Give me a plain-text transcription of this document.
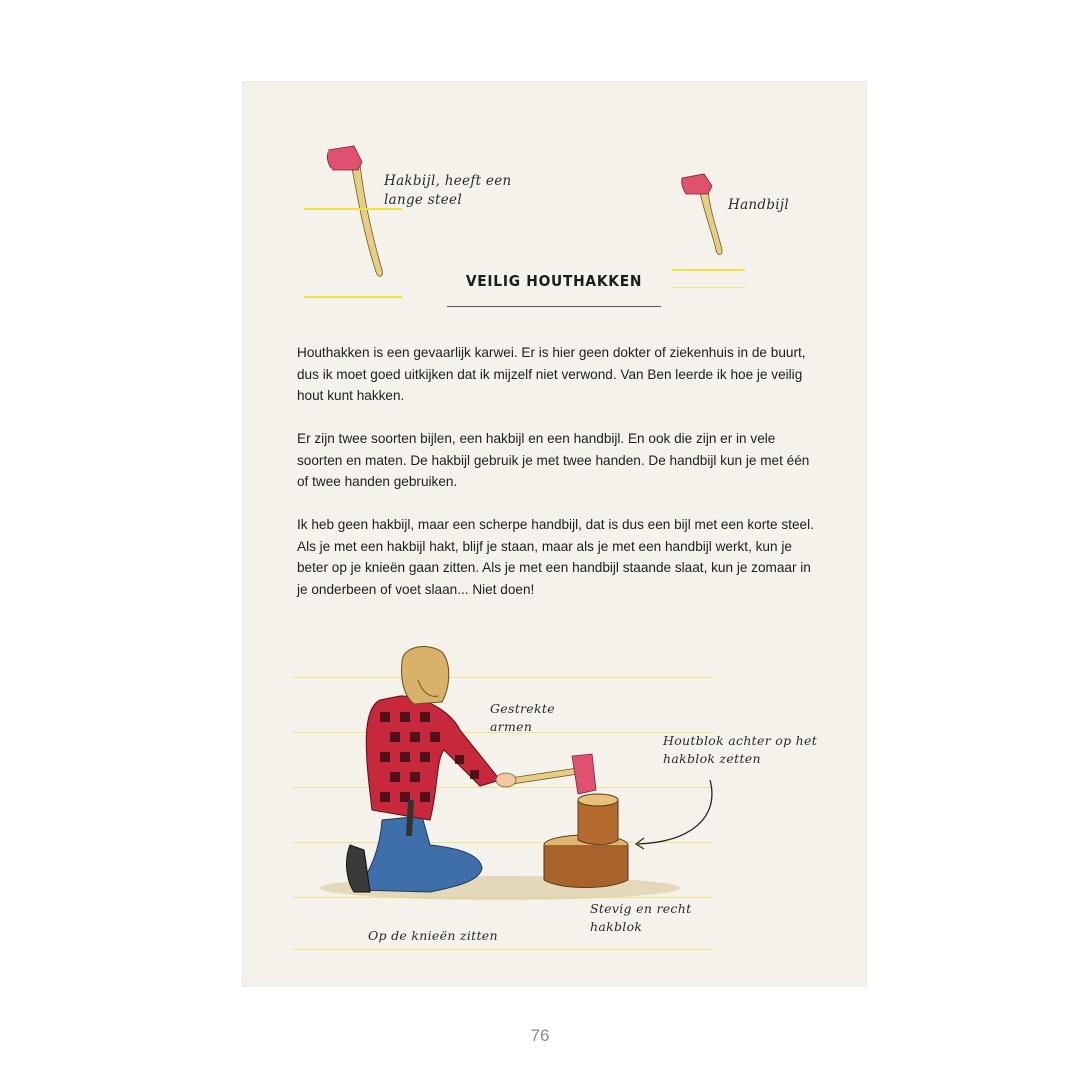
Hakbijl, heeft een
lange steel	Handbijl
VEILIG HOUTHAKKEN

Houthakken is een gevaarlijk karwei. Er is hier geen dokter of ziekenhuis in de buurt, dus ik moet goed uitkijken dat ik mijzelf niet verwond. Van Ben leerde ik hoe je veilig hout kunt hakken.

Er zijn twee soorten bijlen, een hakbijl en een handbijl. En ook die zijn er in vele soorten en maten. De hakbijl gebruik je met twee handen. De handbijl kun je met één of twee handen gebruiken.

Ik heb geen hakbijl, maar een scherpe handbijl, dat is dus een bijl met een korte steel. Als je met een hakbijl hakt, blijf je staan, maar als je met een handbijl werkt, kun je beter op je knieën gaan zitten. Als je met een handbijl staande slaat, kun je zomaar in je onderbeen of voet slaan... Niet doen!

Gestrekte
armen
Houtblok achter op het
hakblok zetten
Stevig en recht
hakblok
Op de knieën zitten
76
